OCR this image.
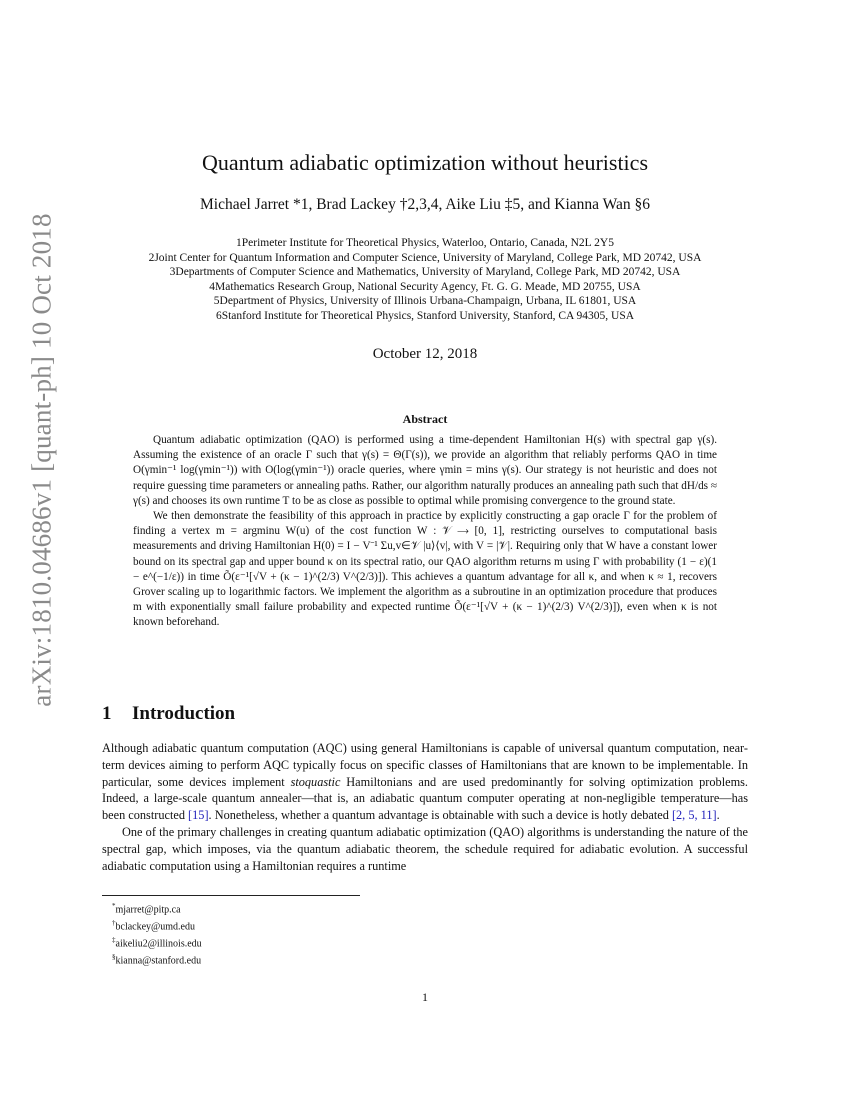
arXiv:1810.04686v1 [quant-ph] 10 Oct 2018
Quantum adiabatic optimization without heuristics
Michael Jarret *1, Brad Lackey †2,3,4, Aike Liu ‡5, and Kianna Wan §6
1Perimeter Institute for Theoretical Physics, Waterloo, Ontario, Canada, N2L 2Y5
2Joint Center for Quantum Information and Computer Science, University of Maryland, College Park, MD 20742, USA
3Departments of Computer Science and Mathematics, University of Maryland, College Park, MD 20742, USA
4Mathematics Research Group, National Security Agency, Ft. G. G. Meade, MD 20755, USA
5Department of Physics, University of Illinois Urbana-Champaign, Urbana, IL 61801, USA
6Stanford Institute for Theoretical Physics, Stanford University, Stanford, CA 94305, USA
October 12, 2018
Abstract

Quantum adiabatic optimization (QAO) is performed using a time-dependent Hamiltonian H(s) with spectral gap γ(s). Assuming the existence of an oracle Γ such that γ(s) = Θ(Γ(s)), we provide an algorithm that reliably performs QAO in time O(γmin⁻¹ log(γmin⁻¹)) with O(log(γmin⁻¹)) oracle queries, where γmin = mins γ(s). Our strategy is not heuristic and does not require guessing time parameters or annealing paths. Rather, our algorithm naturally produces an annealing path such that dH/ds ≈ γ(s) and chooses its own runtime T to be as close as possible to optimal while promising convergence to the ground state.

We then demonstrate the feasibility of this approach in practice by explicitly constructing a gap oracle Γ for the problem of finding a vertex m = argminu W(u) of the cost function W : 𝒱 ⟶ [0, 1], restricting ourselves to computational basis measurements and driving Hamiltonian H(0) = I − V⁻¹ Σu,v∈𝒱 |u⟩⟨v|, with V = |𝒱|. Requiring only that W have a constant lower bound on its spectral gap and upper bound κ on its spectral ratio, our QAO algorithm returns m using Γ with probability (1 − ε)(1 − e^(−1/ε)) in time Õ(ε⁻¹[√V + (κ − 1)^(2/3) V^(2/3)]). This achieves a quantum advantage for all κ, and when κ ≈ 1, recovers Grover scaling up to logarithmic factors. We implement the algorithm as a subroutine in an optimization procedure that produces m with exponentially small failure probability and expected runtime Õ(ε⁻¹[√V + (κ − 1)^(2/3) V^(2/3)]), even when κ is not known beforehand.

1 Introduction

Although adiabatic quantum computation (AQC) using general Hamiltonians is capable of universal quantum computation, near-term devices aiming to perform AQC typically focus on specific classes of Hamiltonians that are known to be implementable. In particular, some devices implement stoquastic Hamiltonians and are used predominantly for solving optimization problems. Indeed, a large-scale quantum annealer—that is, an adiabatic quantum computer operating at non-negligible temperature—has been constructed [15]. Nonetheless, whether a quantum advantage is obtainable with such a device is hotly debated [2, 5, 11].

One of the primary challenges in creating quantum adiabatic optimization (QAO) algorithms is understanding the nature of the spectral gap, which imposes, via the quantum adiabatic theorem, the schedule required for adiabatic evolution. A successful adiabatic computation using a Hamiltonian requires a runtime

*mjarret@pitp.ca
†bclackey@umd.edu
‡aikeliu2@illinois.edu
§kianna@stanford.edu
1
